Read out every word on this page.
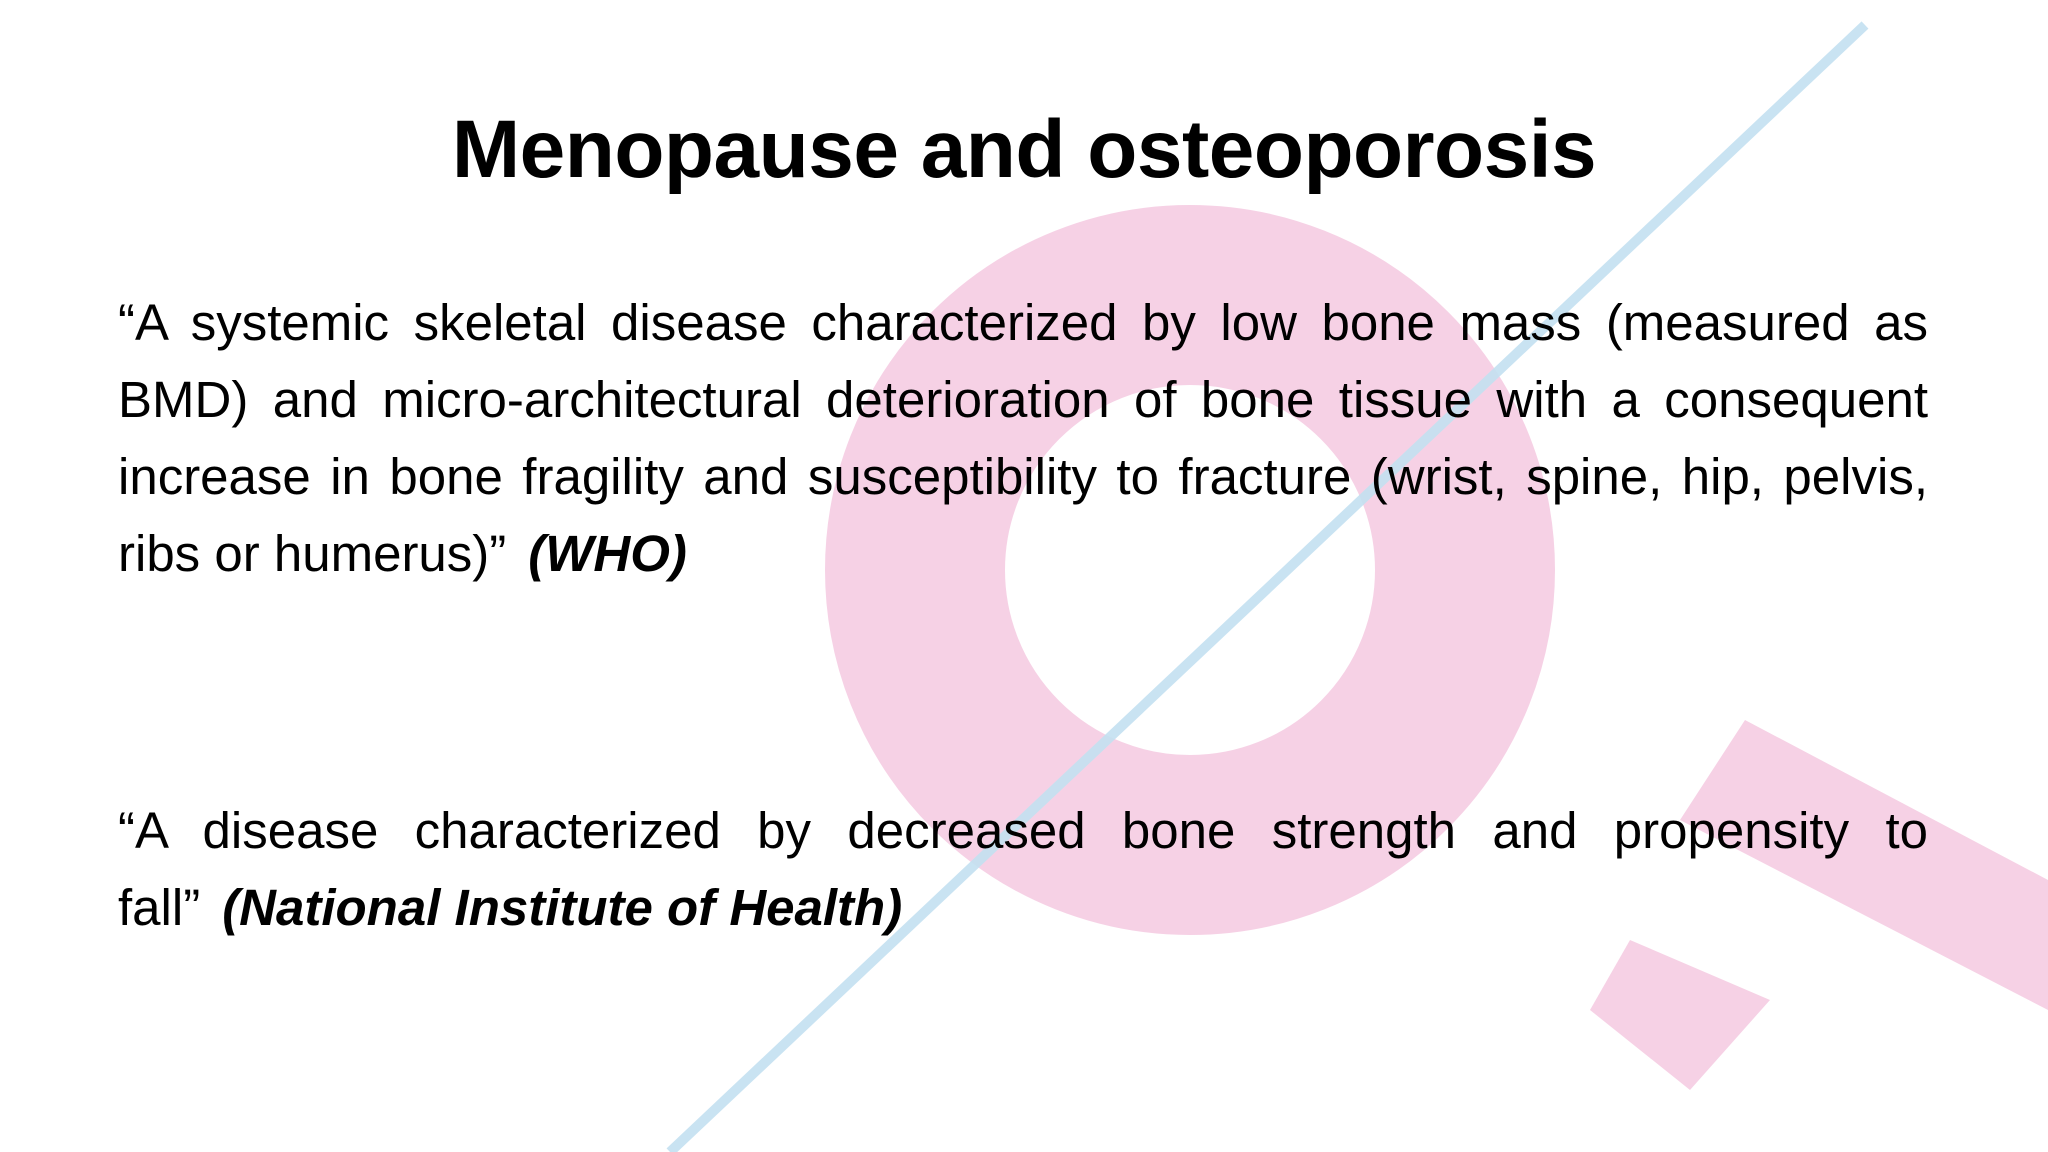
Menopause and osteoporosis
“A systemic skeletal disease characterized by low bone mass (measured as BMD) and micro-architectural deterioration of bone tissue with a consequent increase in bone fragility and susceptibility to fracture (wrist, spine, hip, pelvis, ribs or humerus)” (WHO)
“A disease characterized by decreased bone strength and propensity to fall” (National Institute of Health)
